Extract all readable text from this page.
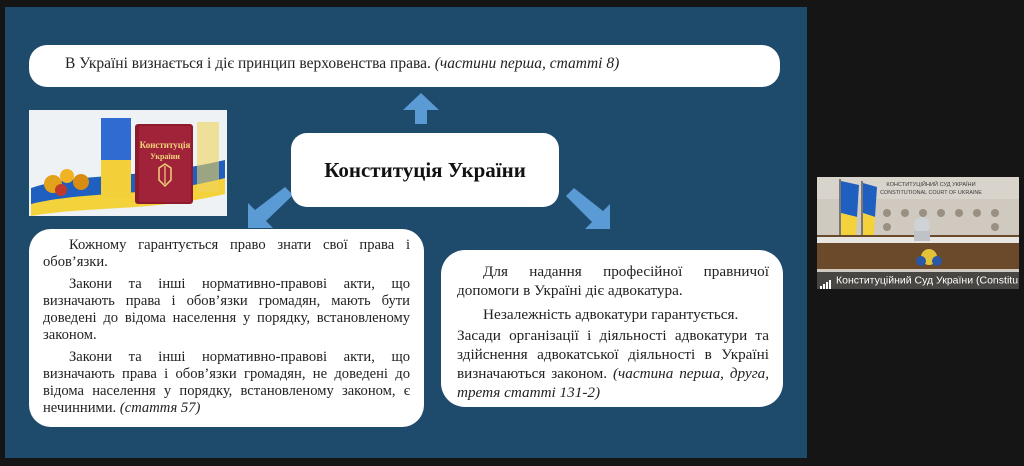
В Україні визнається і діє принцип верховенства права. (частини перша, статті 8)
Конституція
України
Конституція України

Кожному гарантується право знати свої права і обов’язки.

Закони та інші нормативно-правові акти, що визначають права і обов’язки громадян, мають бути доведені до відома населення у порядку, встановленому законом.

Закони та інші нормативно-правові акти, що визначають права і обов’язки громадян, не доведені до відома населення у порядку, встановленому законом, є нечинними. (стаття 57)

Для надання професійної правничої допомоги в Україні діє адвокатура.

Незалежність адвокатури гарантується.

Засади організації і діяльності адвокатури та здійснення адвокатської діяльності в Україні визначаються законом. (частина перша, друга, третя статті 131-2)

КОНСТИТУЦІЙНИЙ СУД УКРАЇНИ
CONSTITUTIONAL COURT OF UKRAINE
Конституційний Суд України (Constitu
